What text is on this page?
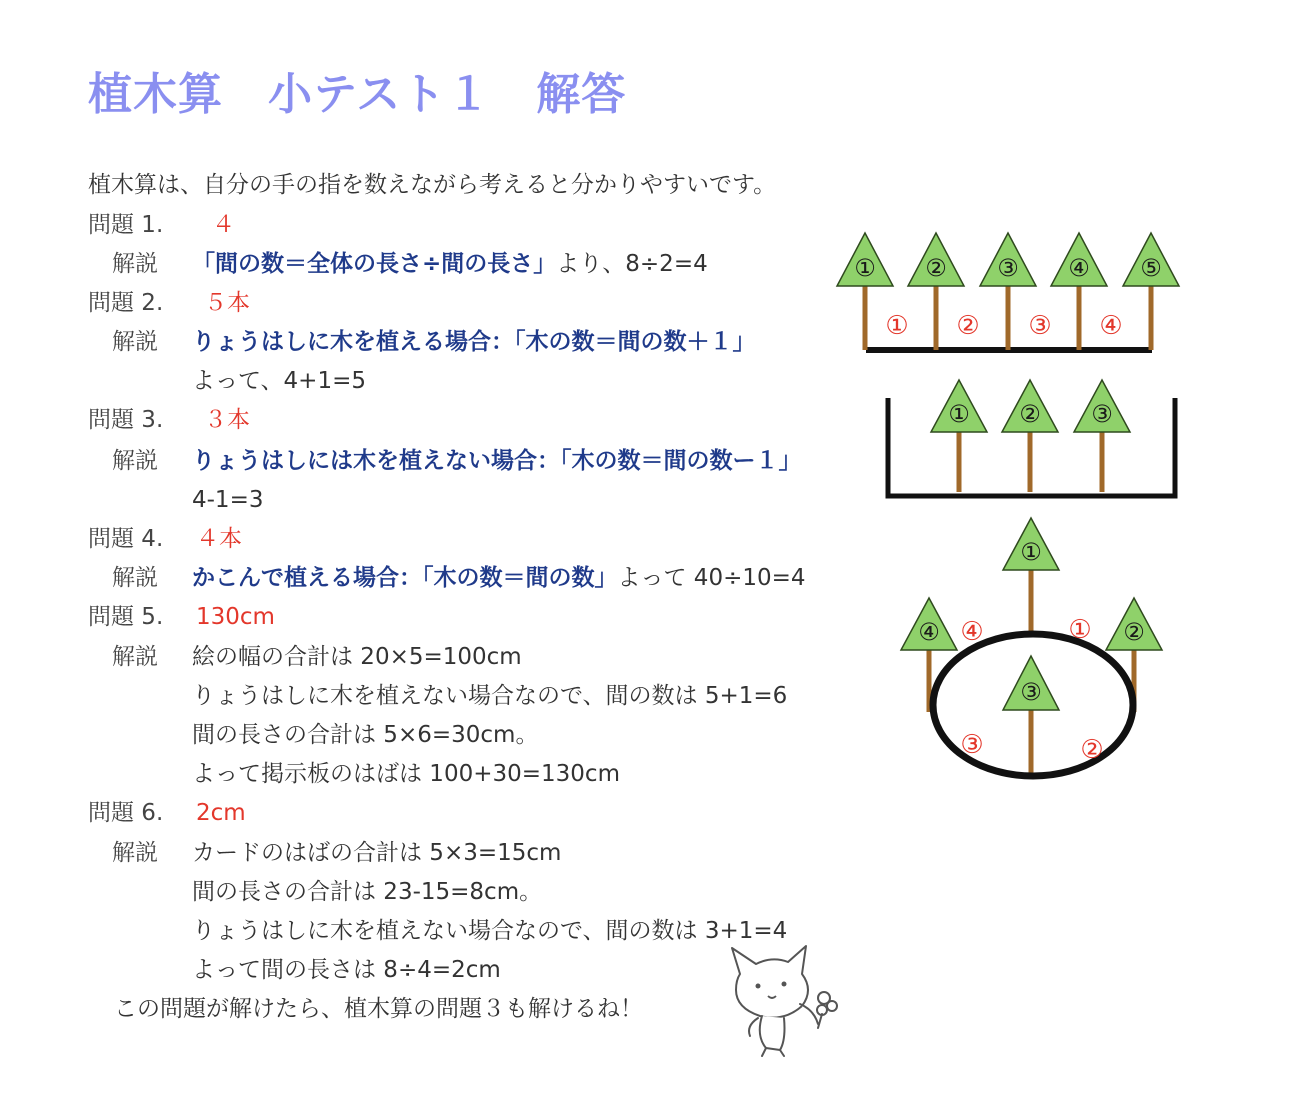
植木算　小テスト１　解答
植木算は、自分の手の指を数えながら考えると分かりやすいです。
問題 1. ４
解説 「間の数＝全体の長さ÷間の長さ」より、8÷2=4
問題 2. ５本
解説 りょうはしに木を植える場合：「木の数＝間の数＋１」
よって、4+1=5
問題 3. ３本
解説 りょうはしには木を植えない場合：「木の数＝間の数ー１」
4-1=3
問題 4. ４本
解説 かこんで植える場合：「木の数＝間の数」よって 40÷10=4
問題 5. 130cm
解説 絵の幅の合計は 20×5=100cm
りょうはしに木を植えない場合なので、間の数は 5+1=6
間の長さの合計は 5×6=30cm。
よって掲示板のはばは 100+30=130cm
問題 6. 2cm
解説 カードのはばの合計は 5×3=15cm
間の長さの合計は 23-15=8cm。
りょうはしに木を植えない場合なので、間の数は 3+1=4
よって間の長さは 8÷4=2cm
この問題が解けたら、植木算の問題３も解けるね！
① ② ③ ④ ⑤
① ② ③ ④
① ② ③
①
②
③
④	①
②
③
④
